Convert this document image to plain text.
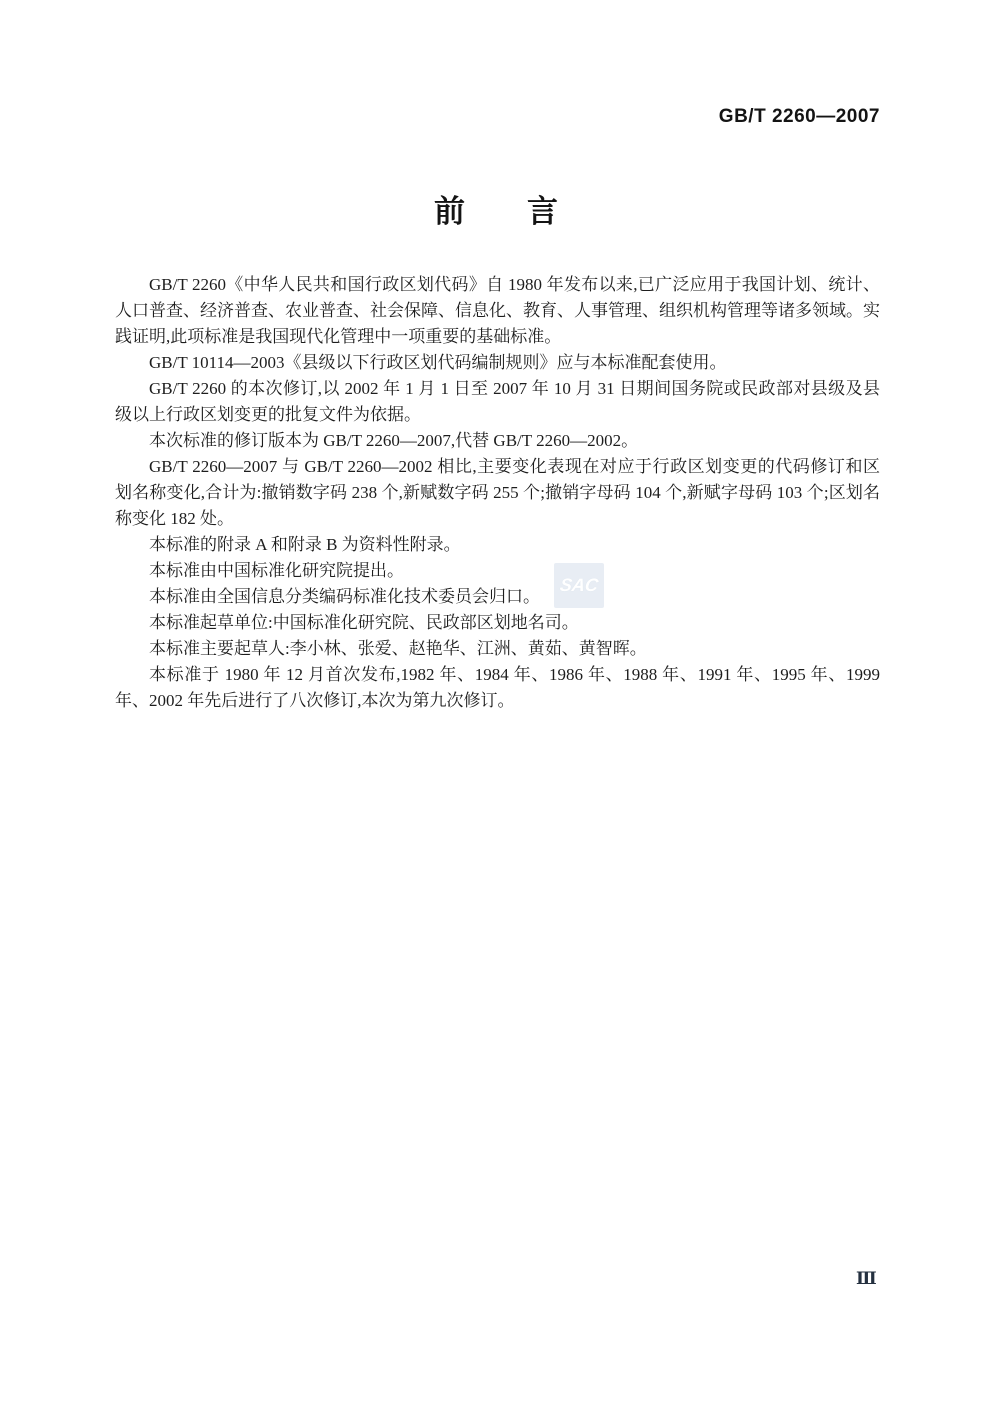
GB/T 2260—2007
前　　言

GB/T 2260《中华人民共和国行政区划代码》自 1980 年发布以来,已广泛应用于我国计划、统计、人口普查、经济普查、农业普查、社会保障、信息化、教育、人事管理、组织机构管理等诸多领域。实践证明,此项标准是我国现代化管理中一项重要的基础标准。

GB/T 10114—2003《县级以下行政区划代码编制规则》应与本标准配套使用。

GB/T 2260 的本次修订,以 2002 年 1 月 1 日至 2007 年 10 月 31 日期间国务院或民政部对县级及县级以上行政区划变更的批复文件为依据。

本次标准的修订版本为 GB/T 2260—2007,代替 GB/T 2260—2002。

GB/T 2260—2007 与 GB/T 2260—2002 相比,主要变化表现在对应于行政区划变更的代码修订和区划名称变化,合计为:撤销数字码 238 个,新赋数字码 255 个;撤销字母码 104 个,新赋字母码 103 个;区划名称变化 182 处。

本标准的附录 A 和附录 B 为资料性附录。

本标准由中国标准化研究院提出。

本标准由全国信息分类编码标准化技术委员会归口。

本标准起草单位:中国标准化研究院、民政部区划地名司。

本标准主要起草人:李小林、张爱、赵艳华、江洲、黄茹、黄智晖。

本标准于 1980 年 12 月首次发布,1982 年、1984 年、1986 年、1988 年、1991 年、1995 年、1999 年、2002 年先后进行了八次修订,本次为第九次修订。

SAC
Ⅲ
